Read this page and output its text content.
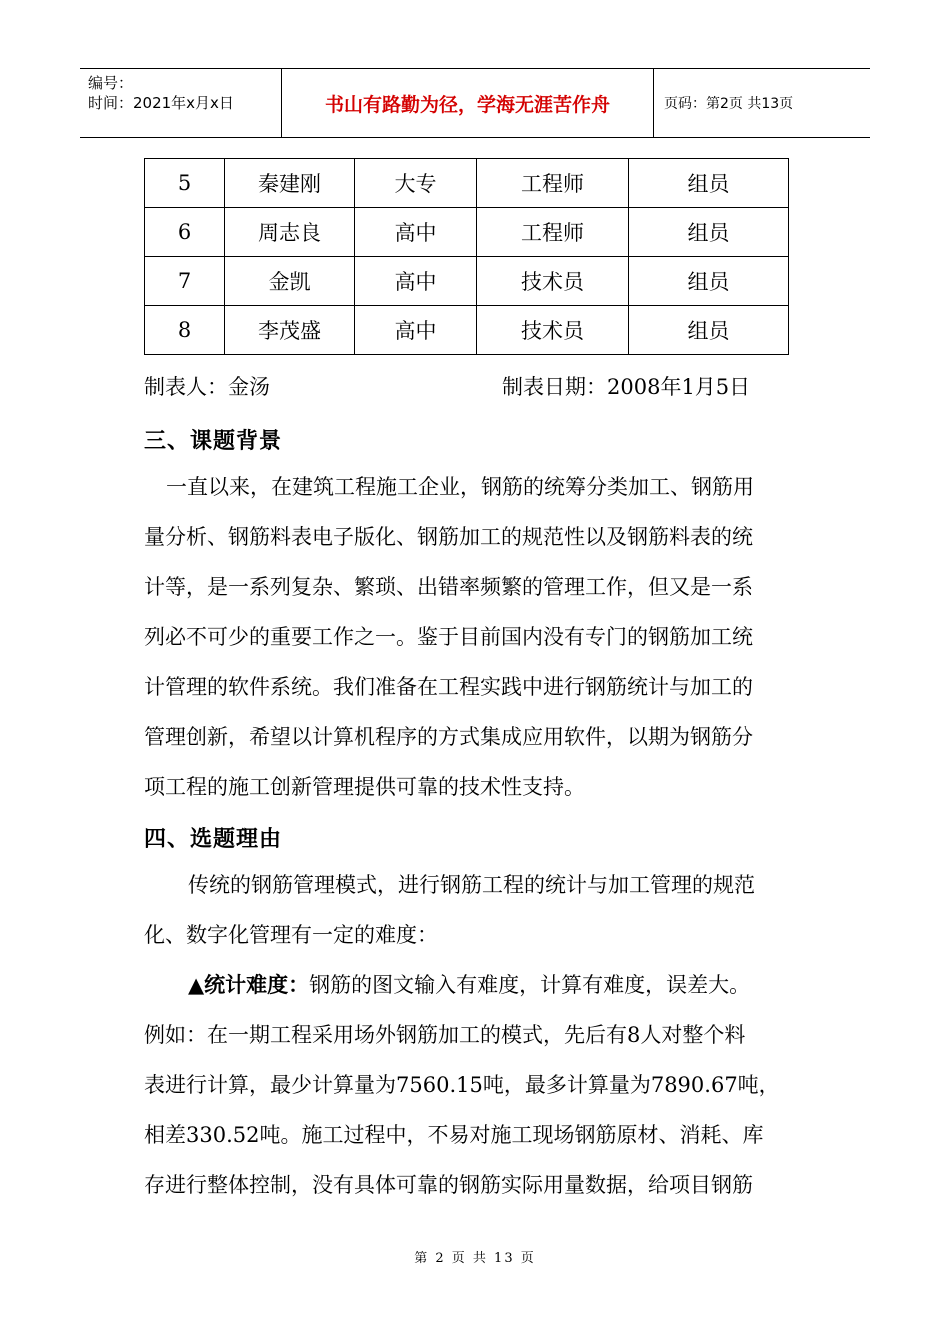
编号：
时间：2021年x月x日	书山有路勤为径，学海无涯苦作舟	页码：第2页 共13页
5	秦建刚	大专	工程师	组员
6	周志良	高中	工程师	组员
7	金凯	高中	技术员	组员
8	李茂盛	高中	技术员	组员
制表人：金汤	制表日期：2008年1月5日
三、课题背景
一直以来，在建筑工程施工企业，钢筋的统筹分类加工、钢筋用
量分析、钢筋料表电子版化、钢筋加工的规范性以及钢筋料表的统
计等，是一系列复杂、繁琐、出错率频繁的管理工作，但又是一系
列必不可少的重要工作之一。鉴于目前国内没有专门的钢筋加工统
计管理的软件系统。我们准备在工程实践中进行钢筋统计与加工的
管理创新，希望以计算机程序的方式集成应用软件，以期为钢筋分
项工程的施工创新管理提供可靠的技术性支持。
四、选题理由
传统的钢筋管理模式，进行钢筋工程的统计与加工管理的规范
化、数字化管理有一定的难度：
▲统计难度：钢筋的图文输入有难度，计算有难度，误差大。
例如：在一期工程采用场外钢筋加工的模式，先后有8人对整个料
表进行计算，最少计算量为7560.15吨，最多计算量为7890.67吨，
相差330.52吨。施工过程中，不易对施工现场钢筋原材、消耗、库
存进行整体控制，没有具体可靠的钢筋实际用量数据，给项目钢筋
第 2 页 共 13 页
